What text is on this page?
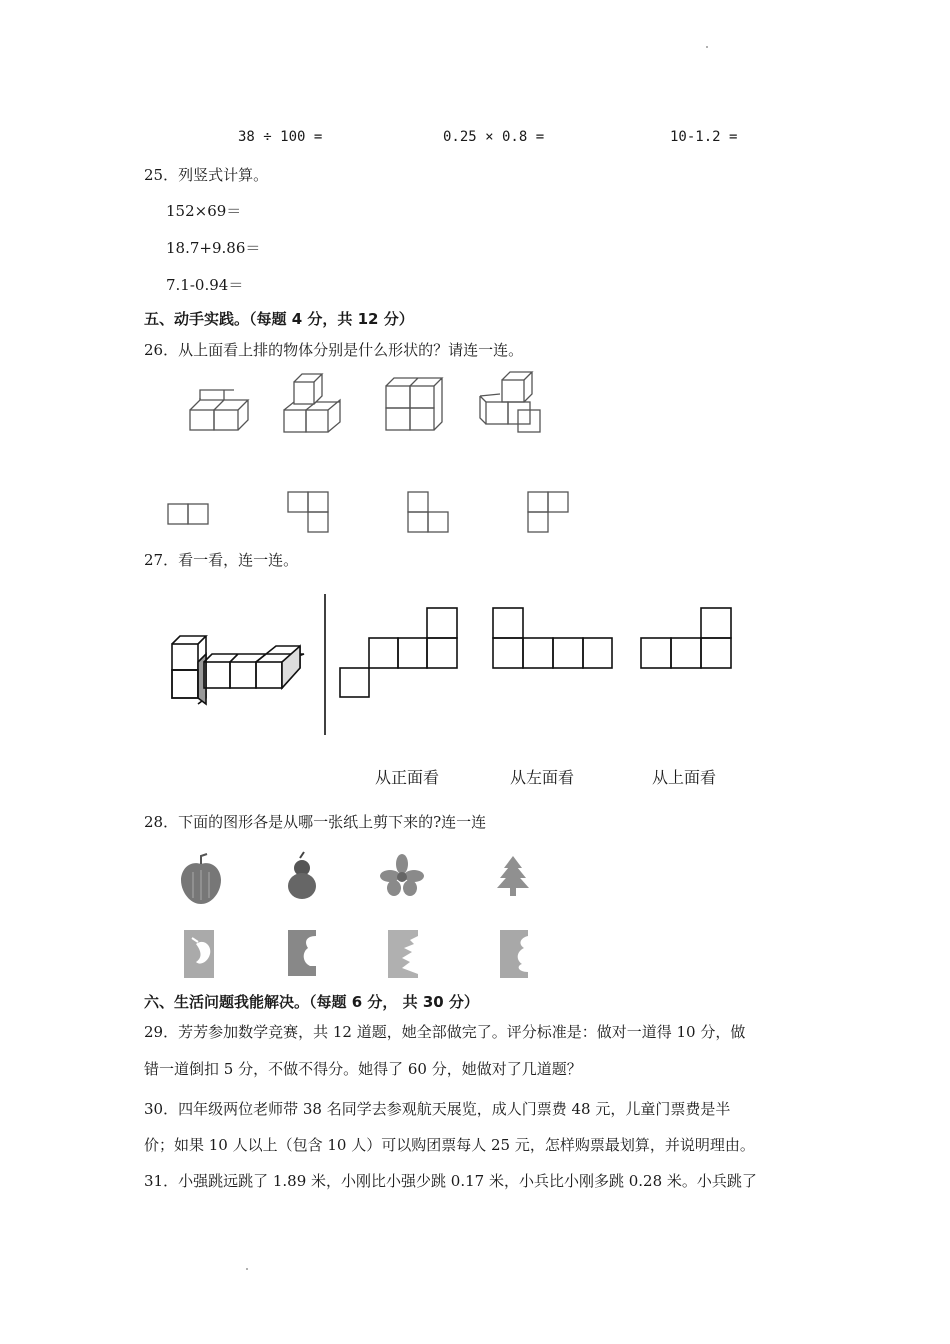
38 ÷ 100 =	0.25 × 0.8 =	10-1.2 =
25．列竖式计算。
152×69＝
18.7+9.86＝
7.1-0.94＝
五、动手实践。（每题 4 分，共 12 分）
26．从上面看上排的物体分别是什么形状的？请连一连。
27．看一看，连一连。
从正面看	从左面看	从上面看
28．下面的图形各是从哪一张纸上剪下来的?连一连
六、生活问题我能解决。（每题 6 分， 共 30 分）
29．芳芳参加数学竞赛，共 12 道题，她全部做完了。评分标准是：做对一道得 10 分，做
错一道倒扣 5 分，不做不得分。她得了 60 分，她做对了几道题？
30．四年级两位老师带 38 名同学去参观航天展览，成人门票费 48 元，儿童门票费是半
价；如果 10 人以上（包含 10 人）可以购团票每人 25 元，怎样购票最划算，并说明理由。
31．小强跳远跳了 1.89 米，小刚比小强少跳 0.17 米，小兵比小刚多跳 0.28 米。小兵跳了
